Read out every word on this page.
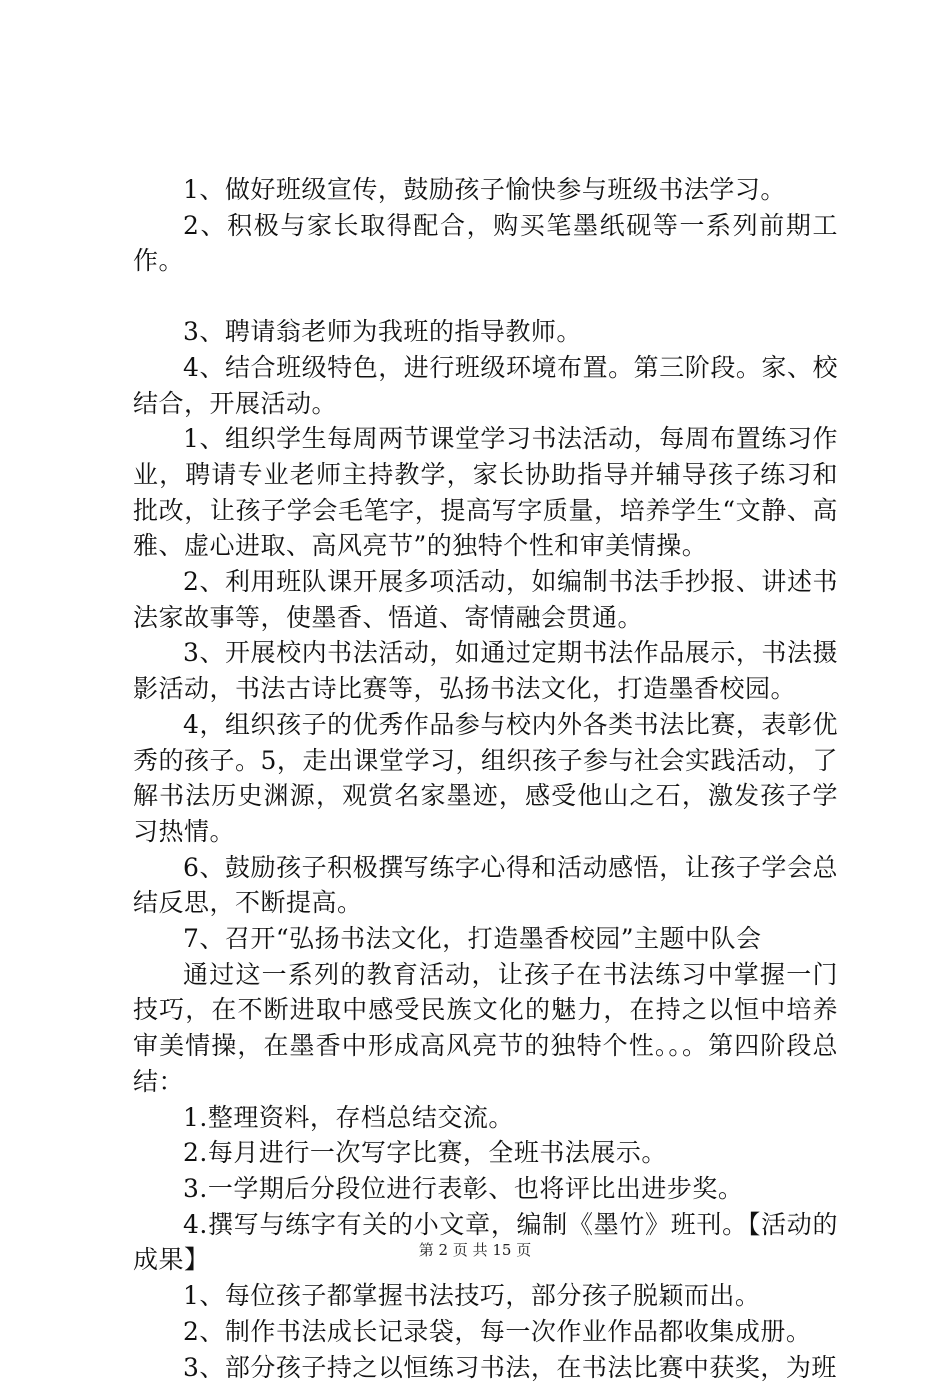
1、做好班级宣传，鼓励孩子愉快参与班级书法学习。

2、积极与家长取得配合，购买笔墨纸砚等一系列前期工作。

3、聘请翁老师为我班的指导教师。

4、结合班级特色，进行班级环境布置。第三阶段。家、校结合，开展活动。

1、组织学生每周两节课堂学习书法活动，每周布置练习作业，聘请专业老师主持教学，家长协助指导并辅导孩子练习和批改，让孩子学会毛笔字，提高写字质量，培养学生“文静、高雅、虚心进取、高风亮节”的独特个性和审美情操。

2、利用班队课开展多项活动，如编制书法手抄报、讲述书法家故事等，使墨香、悟道、寄情融会贯通。

3、开展校内书法活动，如通过定期书法作品展示，书法摄影活动，书法古诗比赛等，弘扬书法文化，打造墨香校园。

4，组织孩子的优秀作品参与校内外各类书法比赛，表彰优秀的孩子。5，走出课堂学习，组织孩子参与社会实践活动，了解书法历史渊源，观赏名家墨迹，感受他山之石，激发孩子学习热情。

6、鼓励孩子积极撰写练字心得和活动感悟，让孩子学会总结反思，不断提高。

7、召开“弘扬书法文化，打造墨香校园”主题中队会

通过这一系列的教育活动，让孩子在书法练习中掌握一门技巧，在不断进取中感受民族文化的魅力，在持之以恒中培养审美情操，在墨香中形成高风亮节的独特个性。。。第四阶段总结：

1.整理资料，存档总结交流。

2.每月进行一次写字比赛，全班书法展示。

3.一学期后分段位进行表彰、也将评比出进步奖。

4.撰写与练字有关的小文章，编制《墨竹》班刊。【活动的成果】

1、每位孩子都掌握书法技巧，部分孩子脱颖而出。

2、制作书法成长记录袋，每一次作业作品都收集成册。

3、部分孩子持之以恒练习书法，在书法比赛中获奖，为班

第 2 页 共 15 页
